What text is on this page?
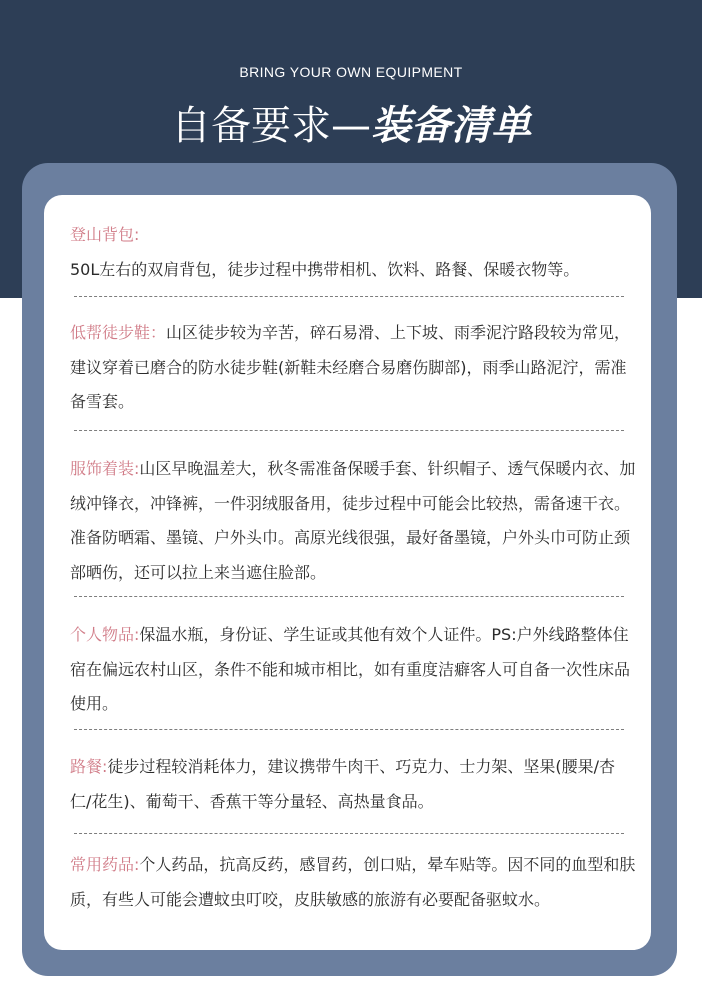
BRING YOUR OWN EQUIPMENT
自备要求—装备清单

登山背包:

50L左右的双肩背包，徒步过程中携带相机、饮料、路餐、保暖衣物等。

低帮徒步鞋：山区徒步较为辛苦，碎石易滑、上下坡、雨季泥泞路段较为常见，建议穿着已磨合的防水徒步鞋(新鞋未经磨合易磨伤脚部)，雨季山路泥泞，需准备雪套。

服饰着装:山区早晚温差大，秋冬需准备保暖手套、针织帽子、透气保暖内衣、加绒冲锋衣，冲锋裤，一件羽绒服备用，徒步过程中可能会比较热，需备速干衣。准备防晒霜、墨镜、户外头巾。高原光线很强，最好备墨镜，户外头巾可防止颈部晒伤，还可以拉上来当遮住脸部。

个人物品:保温水瓶，身份证、学生证或其他有效个人证件。PS:户外线路整体住宿在偏远农村山区，条件不能和城市相比，如有重度洁癖客人可自备一次性床品使用。

路餐:徒步过程较消耗体力，建议携带牛肉干、巧克力、士力架、坚果(腰果/杏仁/花生)、葡萄干、香蕉干等分量轻、高热量食品。

常用药品:个人药品，抗高反药，感冒药，创口贴，晕车贴等。因不同的血型和肤质，有些人可能会遭蚊虫叮咬，皮肤敏感的旅游有必要配备驱蚊水。
